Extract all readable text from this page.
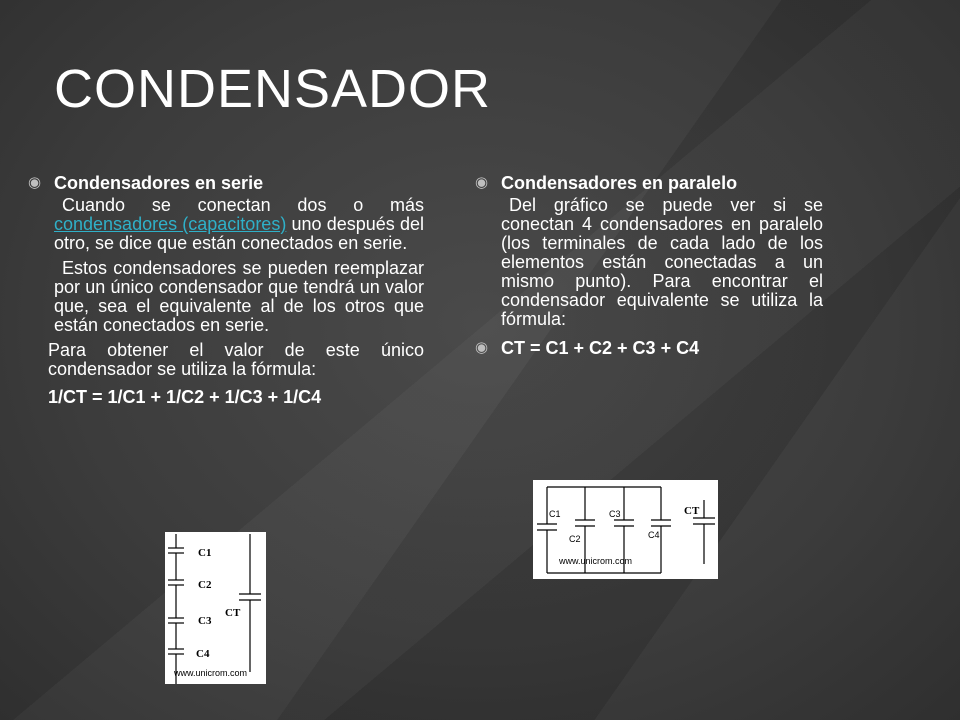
CONDENSADOR
◉ Condensadores en serie

Cuando se conectan dos o más condensadores (capacitores) uno después del otro, se dice que están conectados en serie.

Estos condensadores se pueden reemplazar por un único condensador que tendrá un valor que, sea el equivalente al de los otros que están conectados en serie.

Para obtener el valor de este único condensador se utiliza la fórmula:

1/CT = 1/C1 + 1/C2 + 1/C3 + 1/C4

◉ Condensadores en paralelo

Del gráfico se puede ver si se conectan 4 condensadores en paralelo (los terminales de cada lado de los elementos están conectadas a un mismo punto). Para encontrar el condensador equivalente se utiliza la fórmula:

◉ CT = C1 + C2 + C3 + C4
C1
C2
C3
C4
CT
www.unicrom.com
C1
C2
C3
C4
CT
www.unicrom.com
